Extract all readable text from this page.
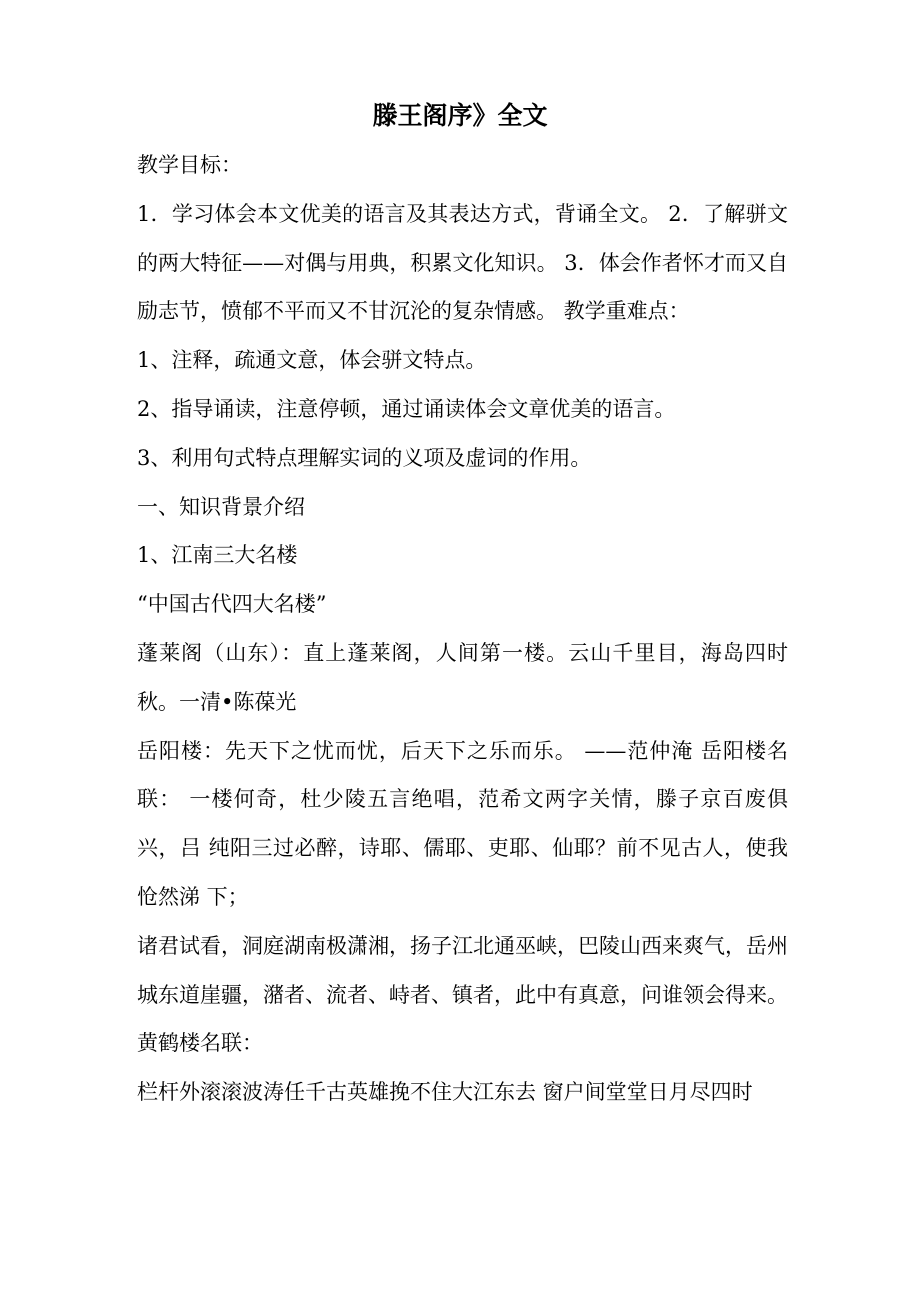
滕王阁序》全文

教学目标：

1．学习体会本文优美的语言及其表达方式，背诵全文。 2．了解骈文的两大特征——对偶与用典，积累文化知识。 3．体会作者怀才而又自励志节，愤郁不平而又不甘沉沦的复杂情感。 教学重难点：

1、注释，疏通文意，体会骈文特点。

2、指导诵读，注意停顿，通过诵读体会文章优美的语言。

3、利用句式特点理解实词的义项及虚词的作用。

一、知识背景介绍

1、江南三大名楼

“中国古代四大名楼”

蓬莱阁（山东）：直上蓬莱阁，人间第一楼。云山千里目，海岛四时秋。一清•陈葆光

岳阳楼：先天下之忧而忧，后天下之乐而乐。 ——范仲淹 岳阳楼名联： 一楼何奇，杜少陵五言绝唱，范希文两字关情，滕子京百废俱兴，吕 纯阳三过必醉，诗耶、儒耶、吏耶、仙耶？前不见古人，使我怆然涕 下；

诸君试看，洞庭湖南极潇湘，扬子江北通巫峡，巴陵山西来爽气，岳州城东道崖疆，潴者、流者、峙者、镇者，此中有真意，问谁领会得来。

黄鹤楼名联：

栏杆外滚滚波涛任千古英雄挽不住大江东去 窗户间堂堂日月尽四时
